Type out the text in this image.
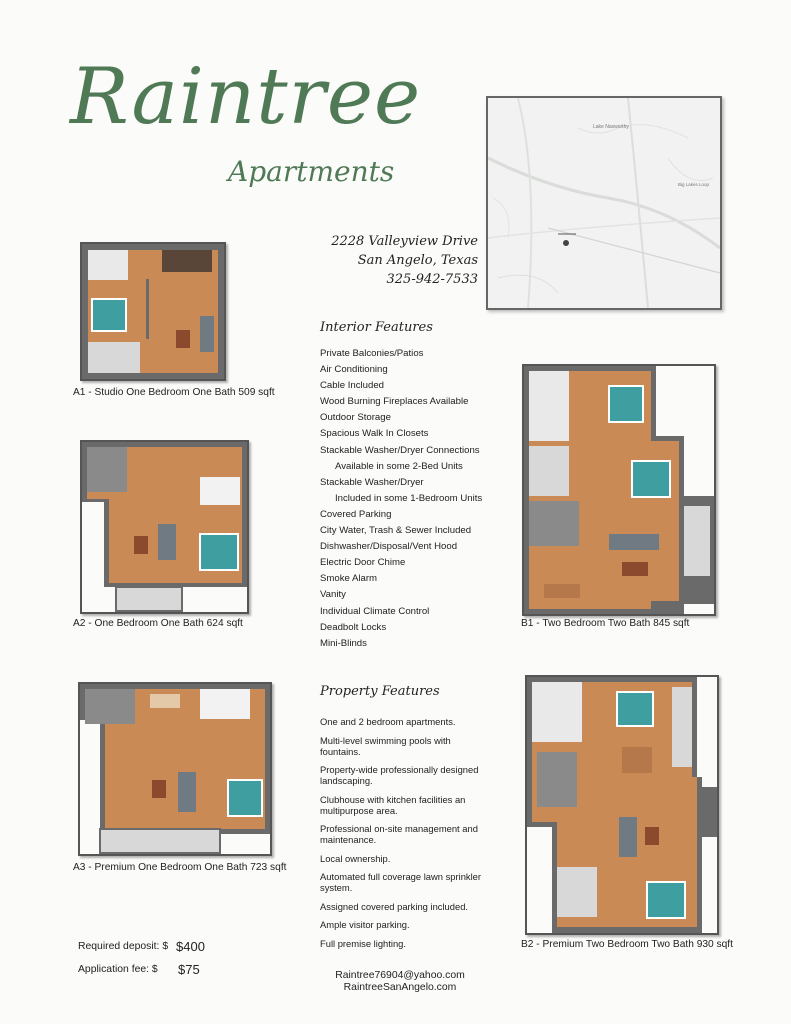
Raintree
Apartments
2228 Valleyview Drive
San Angelo, Texas
325-942-7533
Lake Nasworthy
Big Lakes Loop
Interior Features
Private Balconies/Patios
Air Conditioning
Cable Included
Wood Burning Fireplaces Available
Outdoor Storage
Spacious Walk In Closets
Stackable Washer/Dryer Connections
Available in some 2-Bed Units
Stackable Washer/Dryer
Included in some 1-Bedroom Units
Covered Parking
City Water, Trash & Sewer Included
Dishwasher/Disposal/Vent Hood
Electric Door Chime
Smoke Alarm
Vanity
Individual Climate Control
Deadbolt Locks
Mini-Blinds
Property Features
One and 2 bedroom apartments.
Multi-level swimming pools with fountains.
Property-wide professionally designed landscaping.
Clubhouse with kitchen facilities an multipurpose area.
Professional on-site management and maintenance.
Local ownership.
Automated full coverage lawn sprinkler system.
Assigned covered parking included.
Ample visitor parking.
Full premise lighting.
A1 - Studio One Bedroom One Bath 509 sqft
A2 - One Bedroom One Bath 624 sqft
A3 - Premium One Bedroom One Bath 723 sqft
B1 - Two Bedroom Two Bath 845 sqft
B2 - Premium Two Bedroom Two Bath 930 sqft
Required deposit: $ $400
Application fee: $ $75	Raintree76904@yahoo.com
RaintreeSanAngelo.com
